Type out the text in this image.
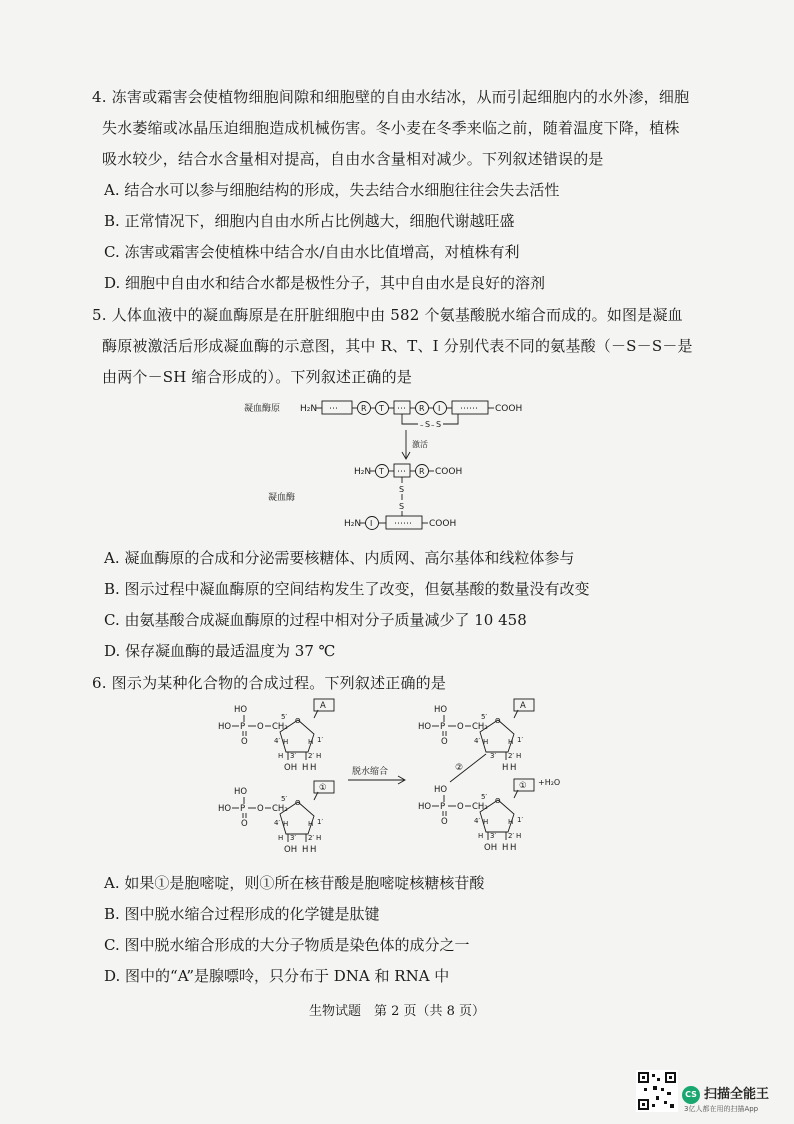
4. 冻害或霜害会使植物细胞间隙和细胞壁的自由水结冰，从而引起细胞内的水外渗，细胞
失水萎缩或冰晶压迫细胞造成机械伤害。冬小麦在冬季来临之前，随着温度下降，植株
吸水较少，结合水含量相对提高，自由水含量相对减少。下列叙述错误的是
A. 结合水可以参与细胞结构的形成，失去结合水细胞往往会失去活性
B. 正常情况下，细胞内自由水所占比例越大，细胞代谢越旺盛
C. 冻害或霜害会使植株中结合水/自由水比值增高，对植株有利
D. 细胞中自由水和结合水都是极性分子，其中自由水是良好的溶剂
5. 人体血液中的凝血酶原是在肝脏细胞中由 582 个氨基酸脱水缩合而成的。如图是凝血
酶原被激活后形成凝血酶的示意图，其中 R、T、I 分别代表不同的氨基酸（－S－S－是
由两个－SH 缩合形成的）。下列叙述正确的是
凝血酶原 H₂N ⋯	R T ⋯ R I ⋯⋯ COOH
– S – S
激活
H₂N T ⋯ R COOH
S
S
凝血酶
H₂N I ⋯⋯ COOH
A. 凝血酶原的合成和分泌需要核糖体、内质网、高尔基体和线粒体参与
B. 图示过程中凝血酶原的空间结构发生了改变，但氨基酸的数量没有改变
C. 由氨基酸合成凝血酶原的过程中相对分子质量减少了 10 458
D. 保存凝血酶的最适温度为 37 ℃
6. 图示为某种化合物的合成过程。下列叙述正确的是
HO
HO P O CH₂
5′
O
O
A
4′ H	1′
H
H 3′ 2′ H
OH H H
HO
HO P O CH₂
5′
O
O
①
4′ H	1′
H
H 3′ 2′ H
OH H H
脱水缩合
HO
HO P O CH₂
5′
O
O
A
4′ H	1′
H
3′ 2′ H
H H
②
+H₂O
HO
HO P O CH₂
5′
O
O
①
4′ H	1′
H
H 3′ 2′ H
OH H H
A. 如果①是胞嘧啶，则①所在核苷酸是胞嘧啶核糖核苷酸
B. 图中脱水缩合过程形成的化学键是肽键
C. 图中脱水缩合形成的大分子物质是染色体的成分之一
D. 图中的“A”是腺嘌呤，只分布于 DNA 和 RNA 中
生物试题　第 2 页（共 8 页）
CS 扫描全能王
3亿人都在用的扫描App
